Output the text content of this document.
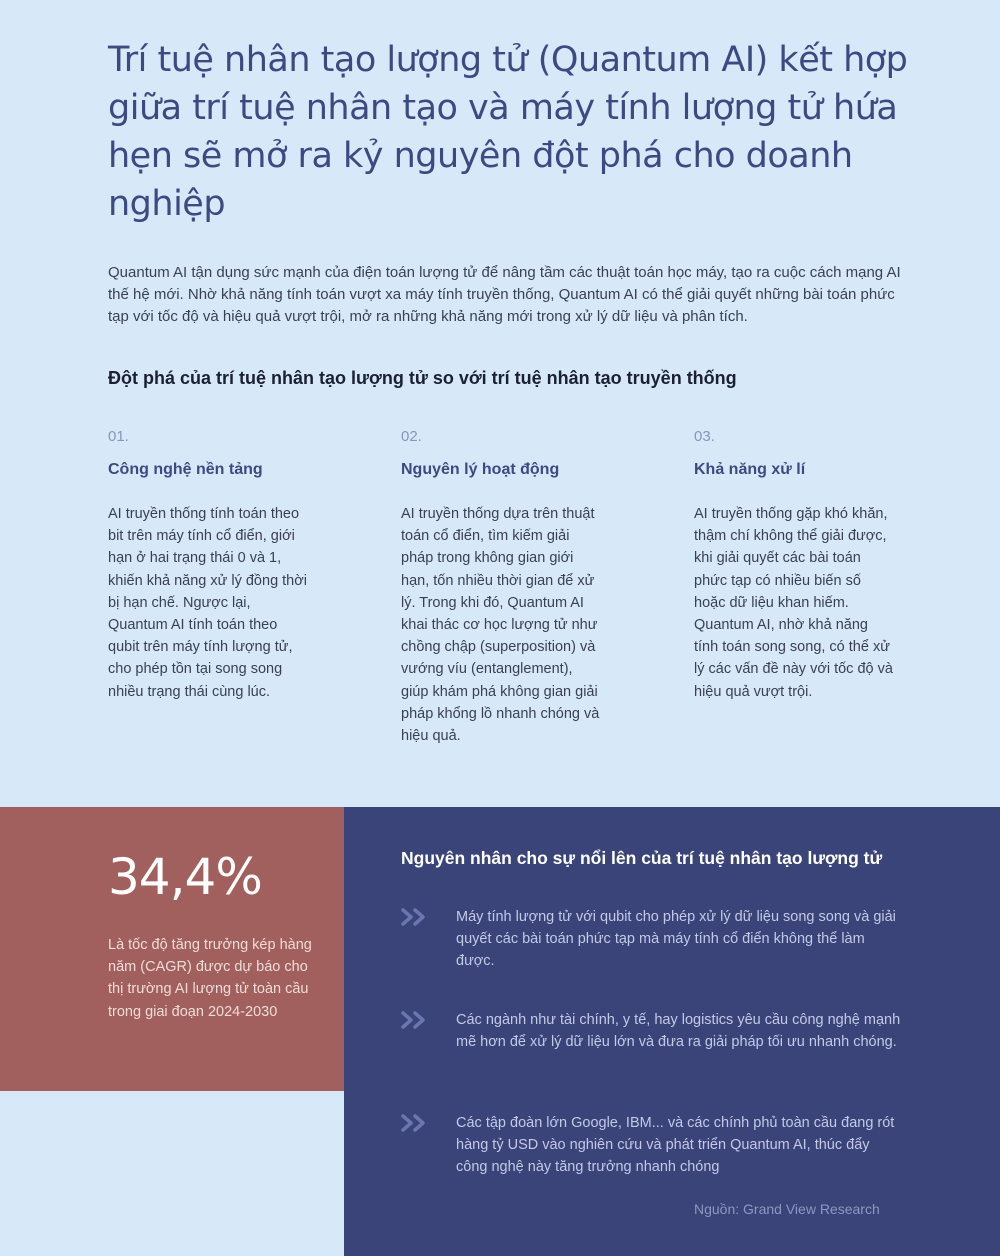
Trí tuệ nhân tạo lượng tử (Quantum AI) kết hợp giữa trí tuệ nhân tạo và máy tính lượng tử hứa hẹn sẽ mở ra kỷ nguyên đột phá cho doanh nghiệp

Quantum AI tận dụng sức mạnh của điện toán lượng tử để nâng tầm các thuật toán học máy, tạo ra cuộc cách mạng AI thế hệ mới. Nhờ khả năng tính toán vượt xa máy tính truyền thống, Quantum AI có thể giải quyết những bài toán phức tạp với tốc độ và hiệu quả vượt trội, mở ra những khả năng mới trong xử lý dữ liệu và phân tích.

Đột phá của trí tuệ nhân tạo lượng tử so với trí tuệ nhân tạo truyền thống

01.

Công nghệ nền tảng

AI truyền thống tính toán theo bit trên máy tính cổ điển, giới hạn ở hai trạng thái 0 và 1, khiến khả năng xử lý đồng thời bị hạn chế. Ngược lại, Quantum AI tính toán theo qubit trên máy tính lượng tử, cho phép tồn tại song song nhiều trạng thái cùng lúc.

02.

Nguyên lý hoạt động

AI truyền thống dựa trên thuật toán cổ điển, tìm kiếm giải pháp trong không gian giới hạn, tốn nhiều thời gian để xử lý. Trong khi đó, Quantum AI khai thác cơ học lượng tử như chồng chập (superposition) và vướng víu (entanglement), giúp khám phá không gian giải pháp khổng lồ nhanh chóng và hiệu quả.

03.

Khả năng xử lí

AI truyền thống gặp khó khăn, thậm chí không thể giải được, khi giải quyết các bài toán phức tạp có nhiều biến số hoặc dữ liệu khan hiếm. Quantum AI, nhờ khả năng tính toán song song, có thể xử lý các vấn đề này với tốc độ và hiệu quả vượt trội.

34,4%

Là tốc độ tăng trưởng kép hàng năm (CAGR) được dự báo cho thị trường AI lượng tử toàn cầu trong giai đoạn 2024-2030

Nguyên nhân cho sự nổi lên của trí tuệ nhân tạo lượng tử

Máy tính lượng tử với qubit cho phép xử lý dữ liệu song song và giải quyết các bài toán phức tạp mà máy tính cổ điển không thể làm được.

Các ngành như tài chính, y tế, hay logistics yêu cầu công nghệ mạnh mẽ hơn để xử lý dữ liệu lớn và đưa ra giải pháp tối ưu nhanh chóng.

Các tập đoàn lớn Google, IBM... và các chính phủ toàn cầu đang rót hàng tỷ USD vào nghiên cứu và phát triển Quantum AI, thúc đẩy công nghệ này tăng trưởng nhanh chóng

Nguồn: Grand View Research
